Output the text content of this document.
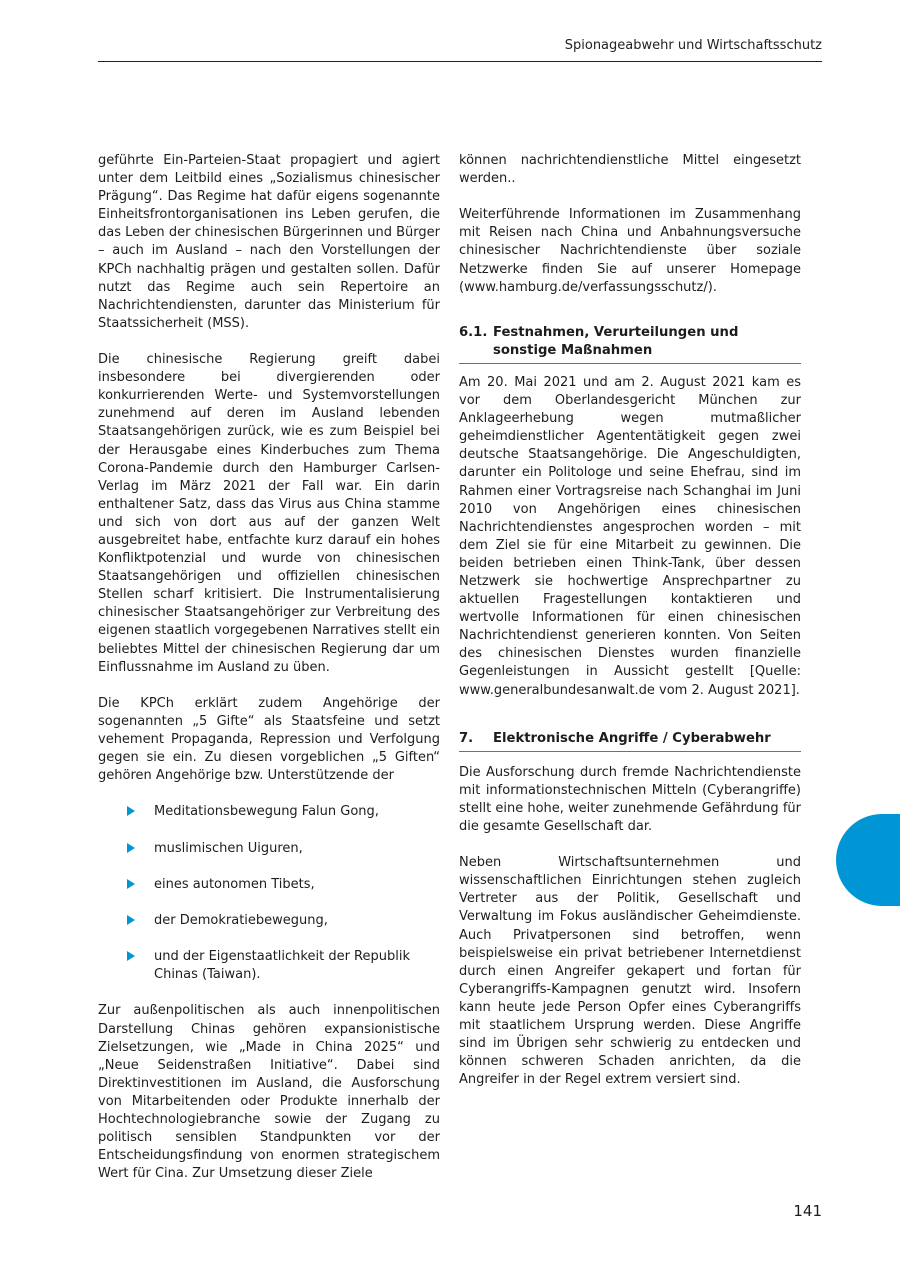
Spionageabwehr und Wirtschaftsschutz

geführte Ein-Parteien-Staat propagiert und agiert unter dem Leitbild eines „Sozialismus chinesischer Prägung“. Das Regime hat dafür eigens sogenannte Einheitsfrontorganisationen ins Leben gerufen, die das Leben der chinesischen Bürgerinnen und Bürger – auch im Ausland – nach den Vorstellungen der KPCh nachhaltig prägen und gestalten sollen. Dafür nutzt das Regime auch sein Repertoire an Nachrichtendiensten, darunter das Ministerium für Staatssicherheit (MSS).

Die chinesische Regierung greift dabei insbesondere bei divergierenden oder konkurrierenden Werte- und Systemvorstellungen zunehmend auf deren im Ausland lebenden Staatsangehörigen zurück, wie es zum Beispiel bei der Herausgabe eines Kinderbuches zum Thema Corona-Pandemie durch den Hamburger Carlsen-Verlag im März 2021 der Fall war. Ein darin enthaltener Satz, dass das Virus aus China stamme und sich von dort aus auf der ganzen Welt ausgebreitet habe, entfachte kurz darauf ein hohes Konfliktpotenzial und wurde von chinesischen Staatsangehörigen und offiziellen chinesischen Stellen scharf kritisiert. Die Instrumentalisierung chinesischer Staatsangehöriger zur Verbreitung des eigenen staatlich vorgegebenen Narratives stellt ein beliebtes Mittel der chinesischen Regierung dar um Einflussnahme im Ausland zu üben.

Die KPCh erklärt zudem Angehörige der sogenannten „5 Gifte“ als Staatsfeine und setzt vehement Propaganda, Repression und Verfolgung gegen sie ein. Zu diesen vorgeblichen „5 Giften“ gehören Angehörige bzw. Unterstützende der

Meditationsbewegung Falun Gong,
muslimischen Uiguren,
eines autonomen Tibets,
der Demokratiebewegung,
und der Eigenstaatlichkeit der Republik Chinas (Taiwan).

Zur außenpolitischen als auch innenpolitischen Darstellung Chinas gehören expansionistische Zielsetzungen, wie „Made in China 2025“ und „Neue Seidenstraßen Initiative“. Dabei sind Direktinvestitionen im Ausland, die Ausforschung von Mitarbeitenden oder Produkte innerhalb der Hochtechnologiebranche sowie der Zugang zu politisch sensiblen Standpunkten vor der Entscheidungsfindung von enormen strategischem Wert für Cina. Zur Umsetzung dieser Ziele

können nachrichtendienstliche Mittel eingesetzt werden..

Weiterführende Informationen im Zusammenhang mit Reisen nach China und Anbahnungsversuche chinesischer Nachrichtendienste über soziale Netzwerke finden Sie auf unserer Homepage (www.hamburg.de/verfassungsschutz/).

6.1. Festnahmen, Verurteilungen und sonstige Maßnahmen

Am 20. Mai 2021 und am 2. August 2021 kam es vor dem Oberlandesgericht München zur Anklageerhebung wegen mutmaßlicher geheimdienstlicher Agententätigkeit gegen zwei deutsche Staatsangehörige. Die Angeschuldigten, darunter ein Politologe und seine Ehefrau, sind im Rahmen einer Vortragsreise nach Schanghai im Juni 2010 von Angehörigen eines chinesischen Nachrichtendienstes angesprochen worden – mit dem Ziel sie für eine Mitarbeit zu gewinnen. Die beiden betrieben einen Think-Tank, über dessen Netzwerk sie hochwertige Ansprechpartner zu aktuellen Fragestellungen kontaktieren und wertvolle Informationen für einen chinesischen Nachrichtendienst generieren konnten. Von Seiten des chinesischen Dienstes wurden finanzielle Gegenleistungen in Aussicht gestellt [Quelle: www.generalbundesanwalt.de vom 2. August 2021].

7.	Elektronische Angriffe / Cyberabwehr

Die Ausforschung durch fremde Nachrichtendienste mit informationstechnischen Mitteln (Cyberangriffe) stellt eine hohe, weiter zunehmende Gefährdung für die gesamte Gesellschaft dar.

Neben Wirtschaftsunternehmen und wissenschaftlichen Einrichtungen stehen zugleich Vertreter aus der Politik, Gesellschaft und Verwaltung im Fokus ausländischer Geheimdienste. Auch Privatpersonen sind betroffen, wenn beispielsweise ein privat betriebener Internetdienst durch einen Angreifer gekapert und fortan für Cyberangriffs-Kampagnen genutzt wird. Insofern kann heute jede Person Opfer eines Cyberangriffs mit staatlichem Ursprung werden. Diese Angriffe sind im Übrigen sehr schwierig zu entdecken und können schweren Schaden anrichten, da die Angreifer in der Regel extrem versiert sind.

141
